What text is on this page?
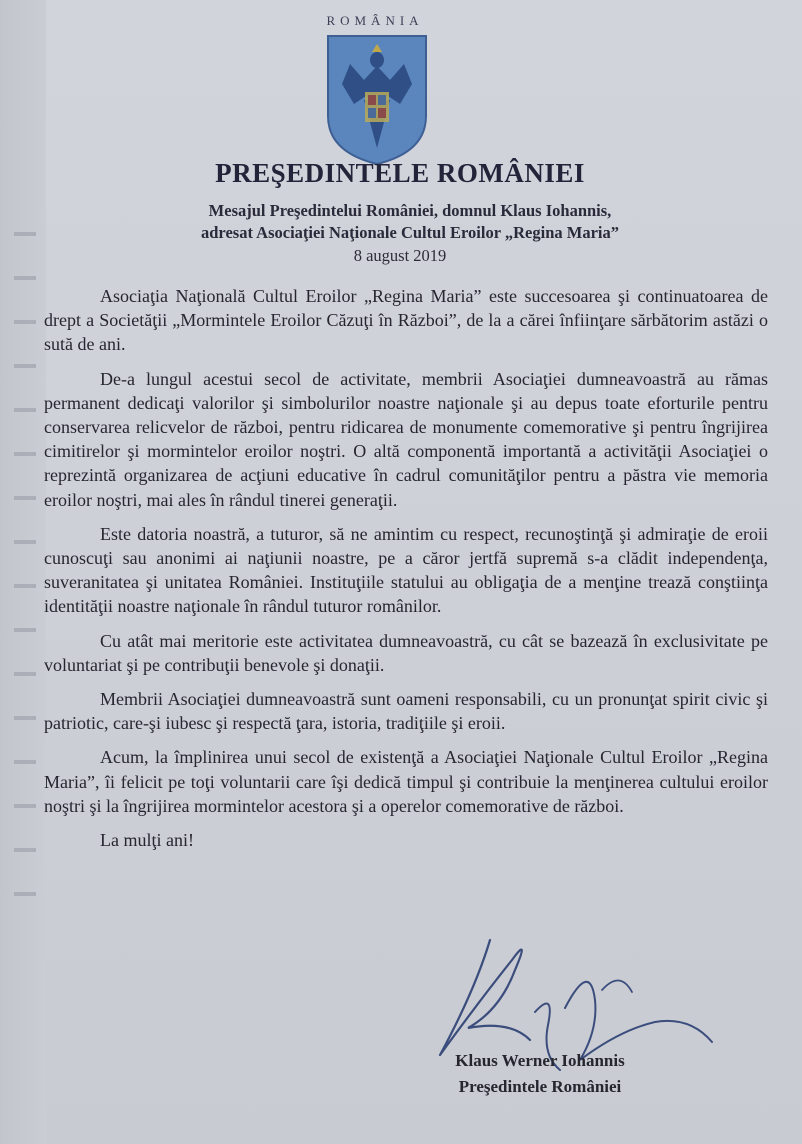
ROMÂNIA
PREŞEDINTELE ROMÂNIEI
Mesajul Preşedintelui României, domnul Klaus Iohannis,
adresat Asociaţiei Naţionale Cultul Eroilor „Regina Maria”
8 august 2019

Asociaţia Naţională Cultul Eroilor „Regina Maria” este succesoarea şi continuatoarea de drept a Societăţii „Mormintele Eroilor Căzuţi în Război”, de la a cărei înfiinţare sărbătorim astăzi o sută de ani.

De-a lungul acestui secol de activitate, membrii Asociaţiei dumneavoastră au rămas permanent dedicaţi valorilor şi simbolurilor noastre naţionale şi au depus toate eforturile pentru conservarea relicvelor de război, pentru ridicarea de monumente comemorative şi pentru îngrijirea cimitirelor şi mormintelor eroilor noştri. O altă componentă importantă a activităţii Asociaţiei o reprezintă organizarea de acţiuni educative în cadrul comunităţilor pentru a păstra vie memoria eroilor noştri, mai ales în rândul tinerei generaţii.

Este datoria noastră, a tuturor, să ne amintim cu respect, recunoştinţă şi admiraţie de eroii cunoscuţi sau anonimi ai naţiunii noastre, pe a căror jertfă supremă s-a clădit independenţa, suveranitatea şi unitatea României. Instituţiile statului au obligaţia de a menţine trează conştiinţa identităţii noastre naţionale în rândul tuturor românilor.

Cu atât mai meritorie este activitatea dumneavoastră, cu cât se bazează în exclusivitate pe voluntariat şi pe contribuţii benevole şi donaţii.

Membrii Asociaţiei dumneavoastră sunt oameni responsabili, cu un pronunţat spirit civic şi patriotic, care-şi iubesc şi respectă ţara, istoria, tradiţiile şi eroii.

Acum, la împlinirea unui secol de existenţă a Asociaţiei Naţionale Cultul Eroilor „Regina Maria”, îi felicit pe toţi voluntarii care îşi dedică timpul şi contribuie la menţinerea cultului eroilor noştri şi la îngrijirea mormintelor acestora şi a operelor comemorative de război.

La mulţi ani!

Klaus Werner Iohannis
Preşedintele României
